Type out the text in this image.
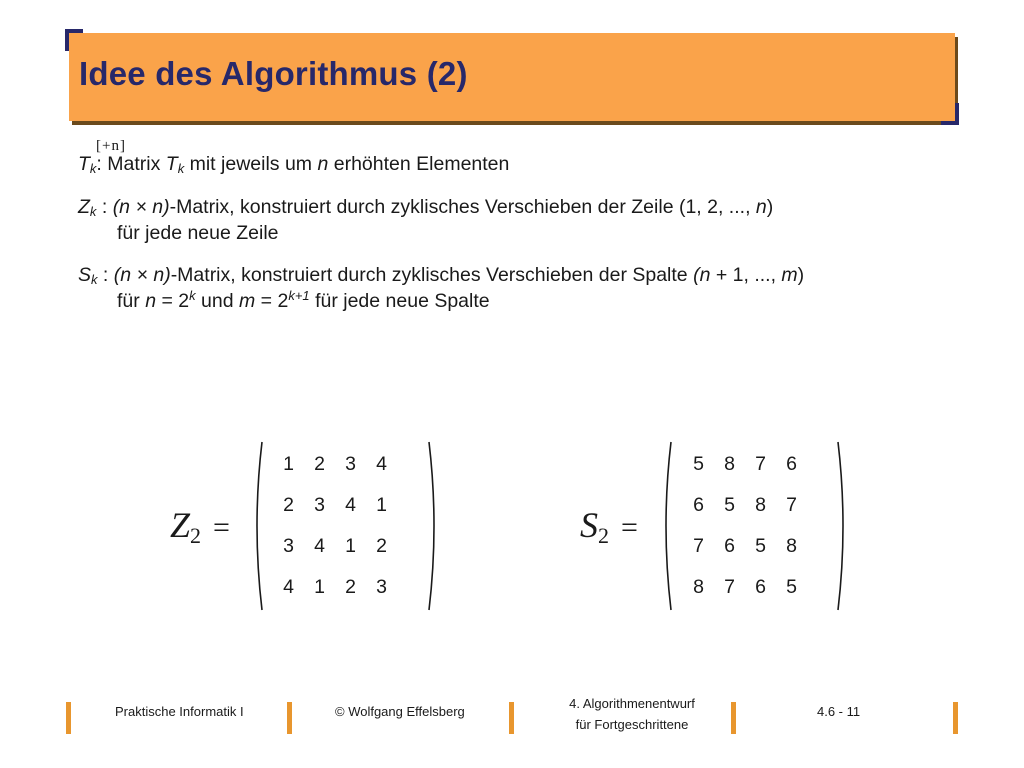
Idee des Algorithmus (2)
$T_k$
[+n]
: Matrix $T_k$ mit jeweils um n erhöhten Elementen
$Z_k$ : (n × n)-Matrix, konstruiert durch zyklisches Verschieben der Zeile (1, 2, ..., n)
für jede neue Zeile
$S_k$ : (n × n)-Matrix, konstruiert durch zyklisches Verschieben der Spalte (n + 1, ..., m)
für $n = 2^k$ und $m = 2^{k+1}$ für jede neue Spalte
$Z_2$ =
1	2	3	4
2	3	4	1
3	4	1	2
4	1	2	3
$S_2$ =
5	8	7	6
6	5	8	7
7	6	5	8
8	7	6	5
Praktische Informatik I	© Wolfgang Effelsberg
4. Algorithmenentwurf
für Fortgeschrittene
4.6 - 11
